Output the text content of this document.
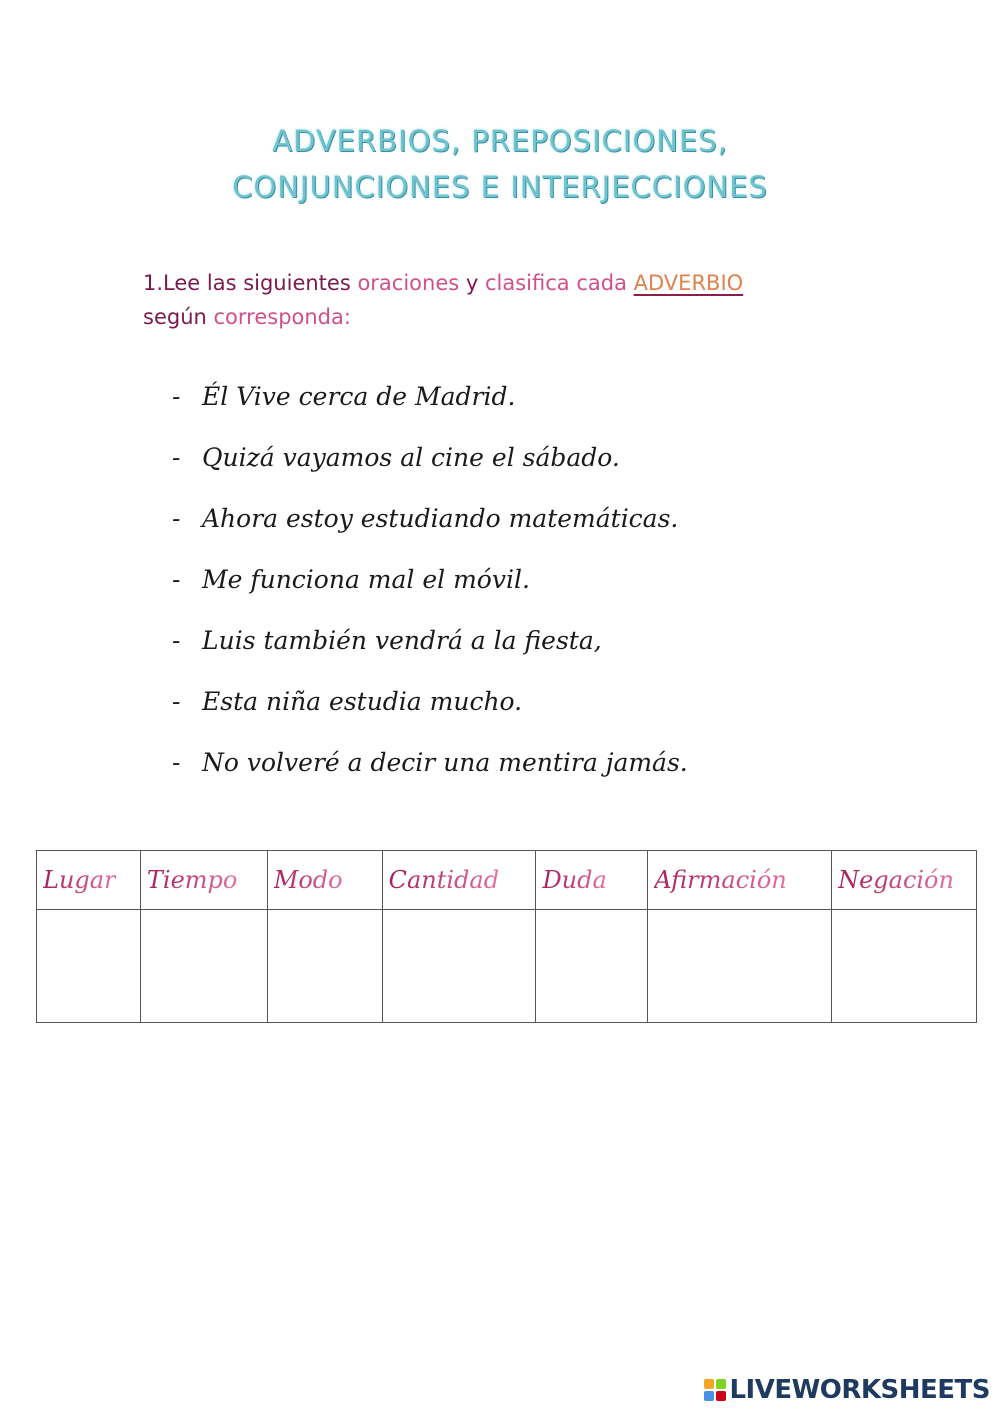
ADVERBIOS, PREPOSICIONES,
CONJUNCIONES E INTERJECCIONES
1.Lee las siguientes oraciones y clasifica cada ADVERBIO
según corresponda:
- Él Vive cerca de Madrid.
- Quizá vayamos al cine el sábado.
- Ahora estoy estudiando matemáticas.
- Me funciona mal el móvil.
- Luis también vendrá a la fiesta,
- Esta niña estudia mucho.
- No volveré a decir una mentira jamás.
Lugar	Tiempo	Modo	Cantidad	Duda	Afirmación	Negación

LIVEWORKSHEETS
